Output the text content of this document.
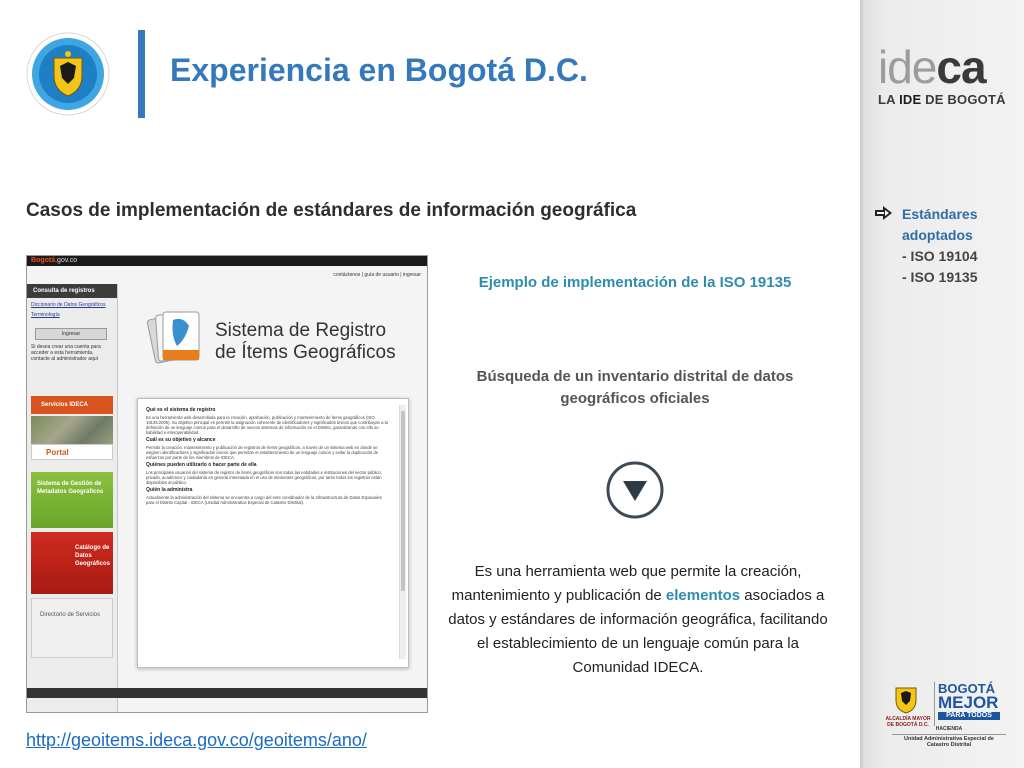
ideca
LA IDE DE BOGOTÁ
Estándares adoptados
- ISO 19104
- ISO 19135
Experiencia en Bogotá D.C.
Casos de implementación de estándares de información geográfica
Bogotá.gov.co
contáctenos | guía de usuario | ingresar
Consulta de registros
Diccionario de Datos Geográficos
Terminología
Ingresar
Si desea crear una cuenta para acceder a esta herramienta, contacte al administrador aquí
Servicios IDECA
Portal
Sistema de Gestión de Metadatos Geográficos
Catálogo de Datos Geográficos
Directorio de Servicios
Sistema de Registro
de Ítems Geográficos
Qué es el sistema de registro

Es una herramienta web desarrollada para la creación, aprobación, publicación y mantenimiento de ítems geográficos (ISO 19135:2005). Su objetivo principal es permitir la asignación coherente de identificadores y significados únicos que contribuyan a la definición de un lenguaje común para el desarrollo de nuevos sistemas de información en el Distrito, garantizando con ello su fiabilidad e interoperabilidad.

Cuál es su objetivo y alcance

Permitir la creación, mantenimiento y publicación de registros de ítems geográficos, a través de un sistema web en donde se asignen identificadores y significados únicos que permitan el establecimiento de un lenguaje común y evitar la duplicación de esfuerzos por parte de los miembros de IDECA.

Quiénes pueden utilizarlo o hacer parte de ella

Los principales usuarios del sistema de registro de ítems geográficos son todas las entidades e instituciones del sector público, privado, académico y ciudadanía en general interesada en el uso de elementos geográficos, por tanto todos los registros están disponibles al público.

Quién la administra

Actualmente la administración del sistema se encuentra a cargo del ente coordinador de la Infraestructura de Datos Espaciales para el Distrito Capital - IDECA (Unidad Administrativa Especial de Catastro Distrital).

Ejemplo de implementación de la ISO 19135
Búsqueda de un inventario distrital de datos geográficos oficiales
Es una herramienta web que permite la creación, mantenimiento y publicación de elementos asociados a datos y estándares de información geográfica, facilitando el establecimiento de un lenguaje común para la Comunidad IDECA.
http://geoitems.ideca.gov.co/geoitems/ano/
ALCALDÍA MAYOR DE BOGOTÁ D.C.
BOGOTÁ
MEJOR
PARA TODOS
HACIENDA
Unidad Administrativa Especial de
Catastro Distrital
